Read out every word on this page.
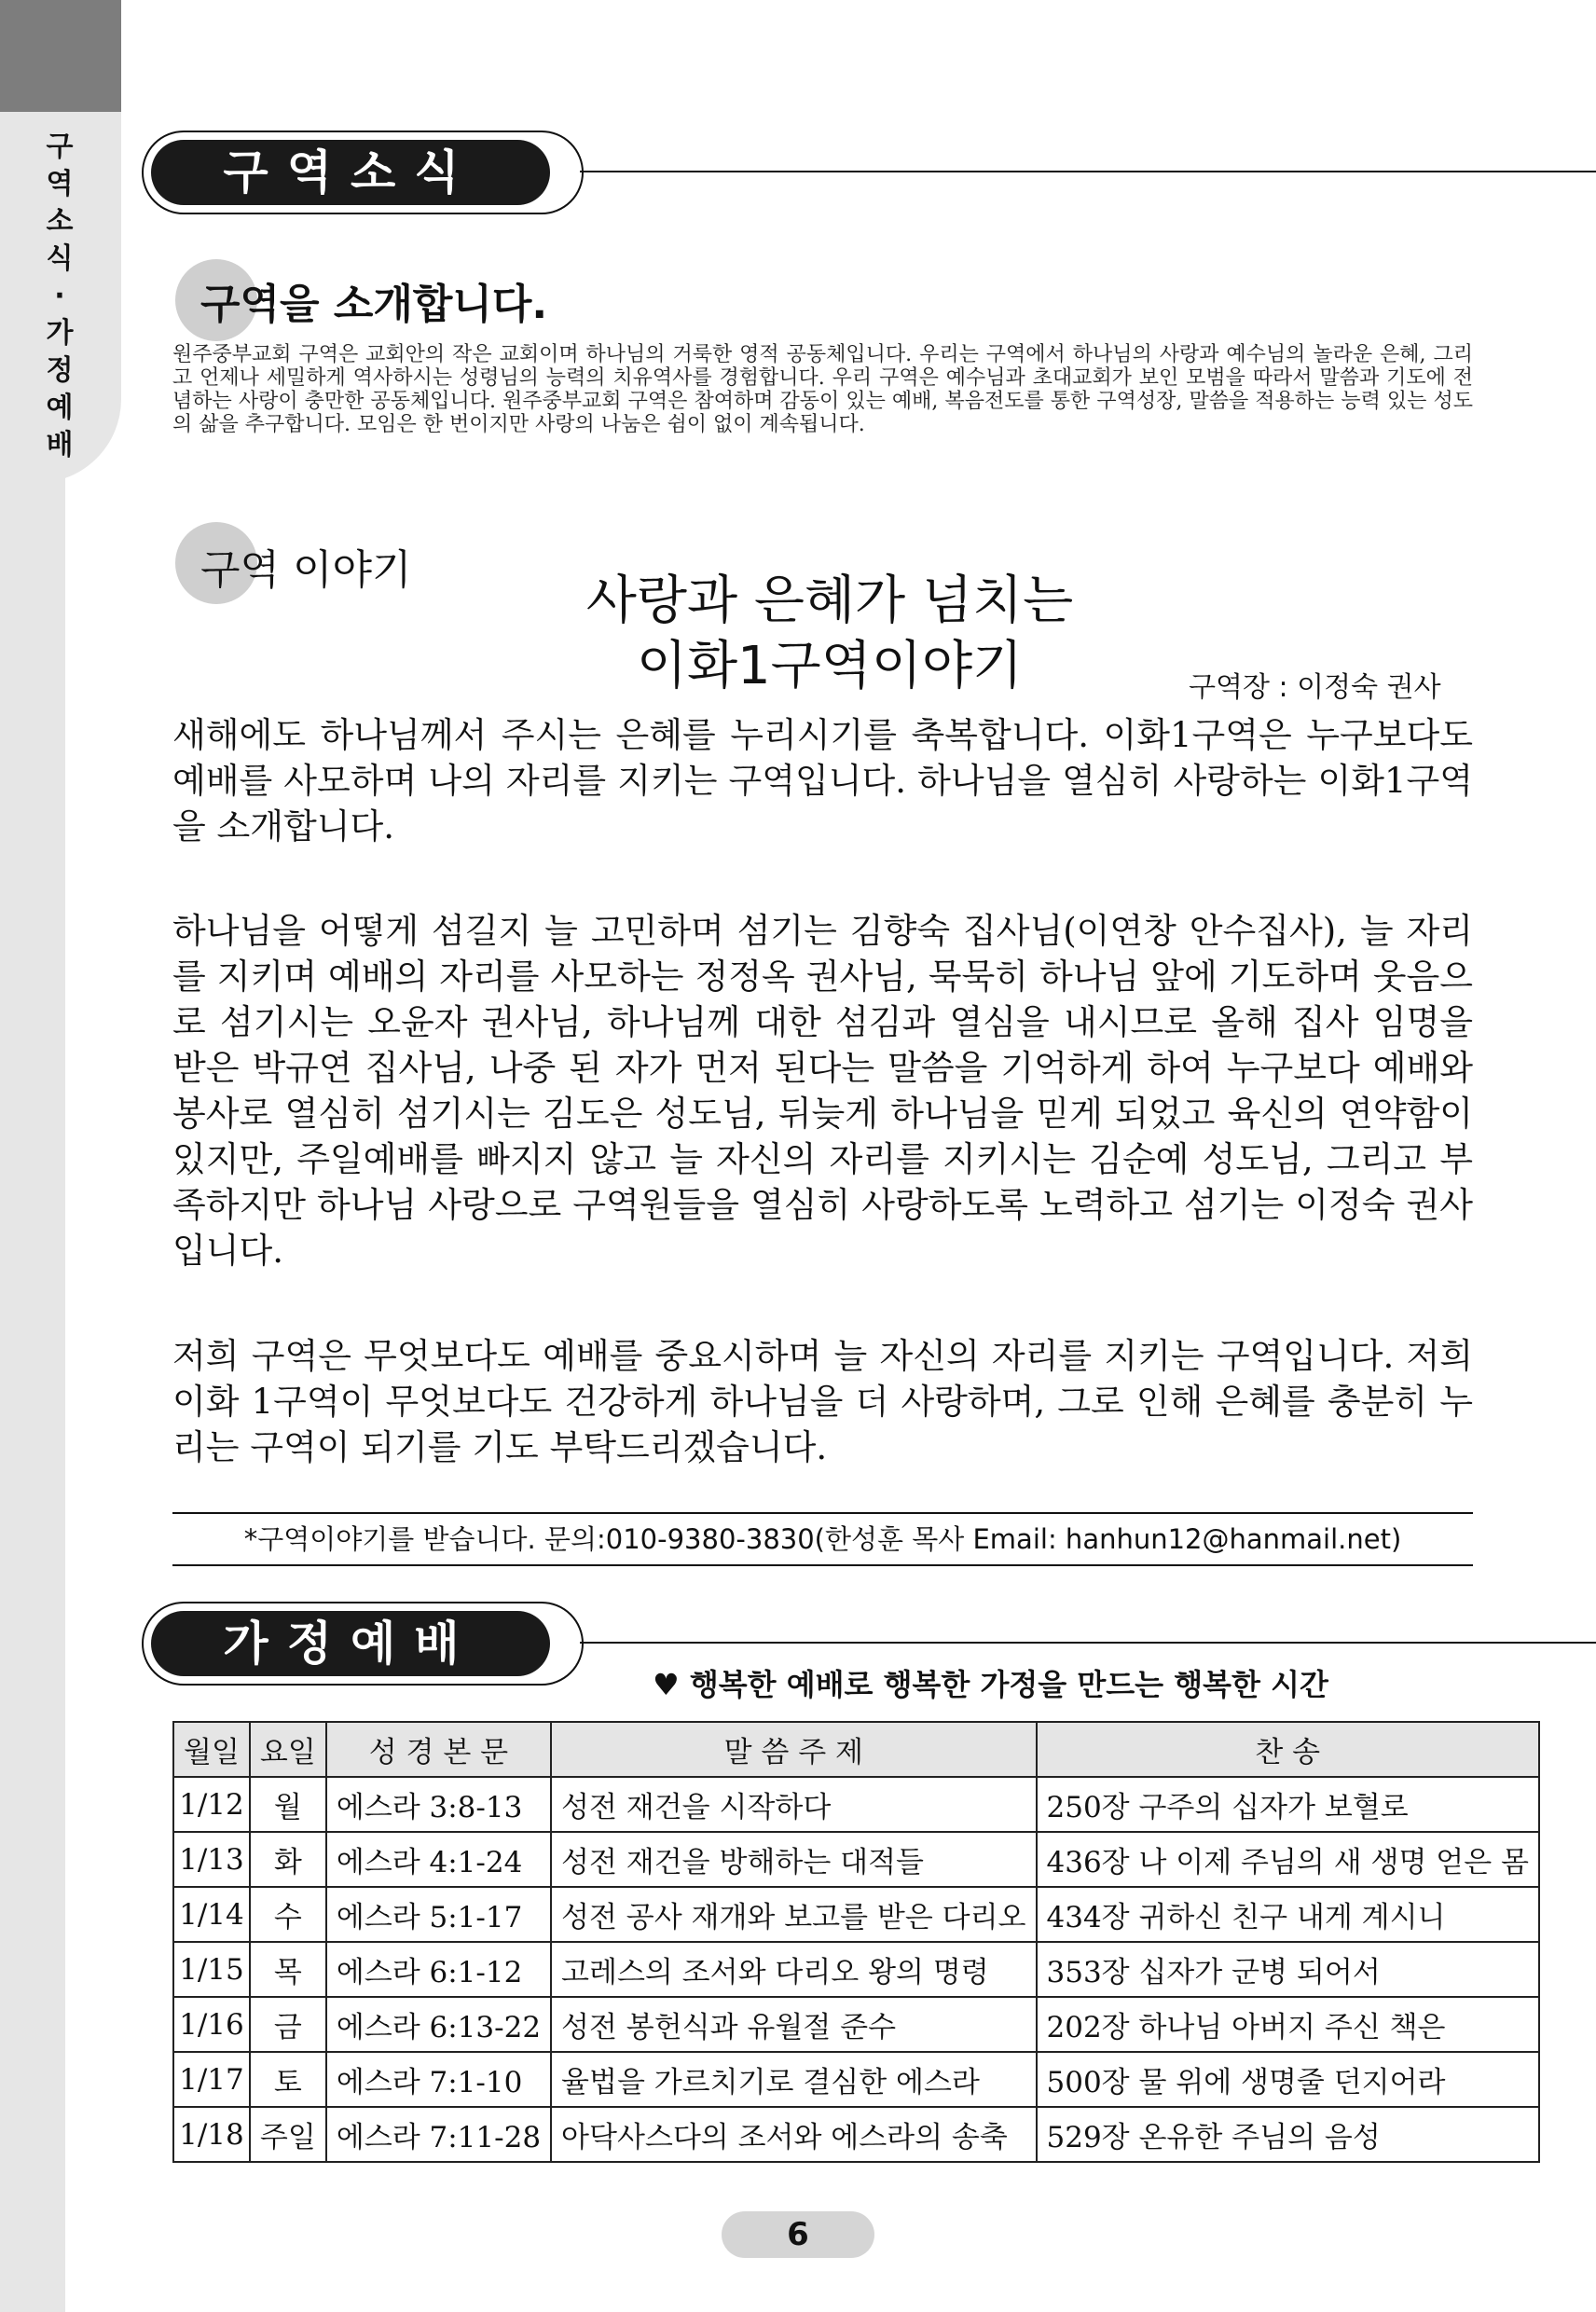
구
역
소
식
·
가
정
예
배
구역소식
구역을 소개합니다.
원주중부교회 구역은 교회안의 작은 교회이며 하나님의 거룩한 영적 공동체입니다. 우리는 구역에서 하나님의 사랑과 예수님의 놀라운 은혜, 그리고 언제나 세밀하게 역사하시는 성령님의 능력의 치유역사를 경험합니다. 우리 구역은 예수님과 초대교회가 보인 모범을 따라서 말씀과 기도에 전념하는 사랑이 충만한 공동체입니다. 원주중부교회 구역은 참여하며 감동이 있는 예배, 복음전도를 통한 구역성장, 말씀을 적용하는 능력 있는 성도의 삶을 추구합니다. 모임은 한 번이지만 사랑의 나눔은 쉼이 없이 계속됩니다.
구역 이야기
사랑과 은혜가 넘치는
이화1구역이야기	구역장 : 이정숙 권사
새해에도 하나님께서 주시는 은혜를 누리시기를 축복합니다. 이화1구역은 누구보다도 예배를 사모하며 나의 자리를 지키는 구역입니다. 하나님을 열심히 사랑하는 이화1구역을 소개합니다.
하나님을 어떻게 섬길지 늘 고민하며 섬기는 김향숙 집사님(이연창 안수집사), 늘 자리를 지키며 예배의 자리를 사모하는 정정옥 권사님, 묵묵히 하나님 앞에 기도하며 웃음으로 섬기시는 오윤자 권사님, 하나님께 대한 섬김과 열심을 내시므로 올해 집사 임명을 받은 박규연 집사님, 나중 된 자가 먼저 된다는 말씀을 기억하게 하여 누구보다 예배와 봉사로 열심히 섬기시는 김도은 성도님, 뒤늦게 하나님을 믿게 되었고 육신의 연약함이 있지만, 주일예배를 빠지지 않고 늘 자신의 자리를 지키시는 김순예 성도님, 그리고 부족하지만 하나님 사랑으로 구역원들을 열심히 사랑하도록 노력하고 섬기는 이정숙 권사입니다.
저희 구역은 무엇보다도 예배를 중요시하며 늘 자신의 자리를 지키는 구역입니다. 저희 이화 1구역이 무엇보다도 건강하게 하나님을 더 사랑하며, 그로 인해 은혜를 충분히 누리는 구역이 되기를 기도 부탁드리겠습니다.
*구역이야기를 받습니다. 문의:010-9380-3830(한성훈 목사 Email: hanhun12@hanmail.net)
가정예배
♥ 행복한 예배로 행복한 가정을 만드는 행복한 시간
월일	요일	성 경 본 문	말 씀 주 제	찬 송
1/12	월	에스라 3:8-13	성전 재건을 시작하다	250장 구주의 십자가 보혈로
1/13	화	에스라 4:1-24	성전 재건을 방해하는 대적들	436장 나 이제 주님의 새 생명 얻은 몸
1/14	수	에스라 5:1-17	성전 공사 재개와 보고를 받은 다리오	434장 귀하신 친구 내게 계시니
1/15	목	에스라 6:1-12	고레스의 조서와 다리오 왕의 명령	353장 십자가 군병 되어서
1/16	금	에스라 6:13-22	성전 봉헌식과 유월절 준수	202장 하나님 아버지 주신 책은
1/17	토	에스라 7:1-10	율법을 가르치기로 결심한 에스라	500장 물 위에 생명줄 던지어라
1/18	주일	에스라 7:11-28	아닥사스다의 조서와 에스라의 송축	529장 온유한 주님의 음성
6
